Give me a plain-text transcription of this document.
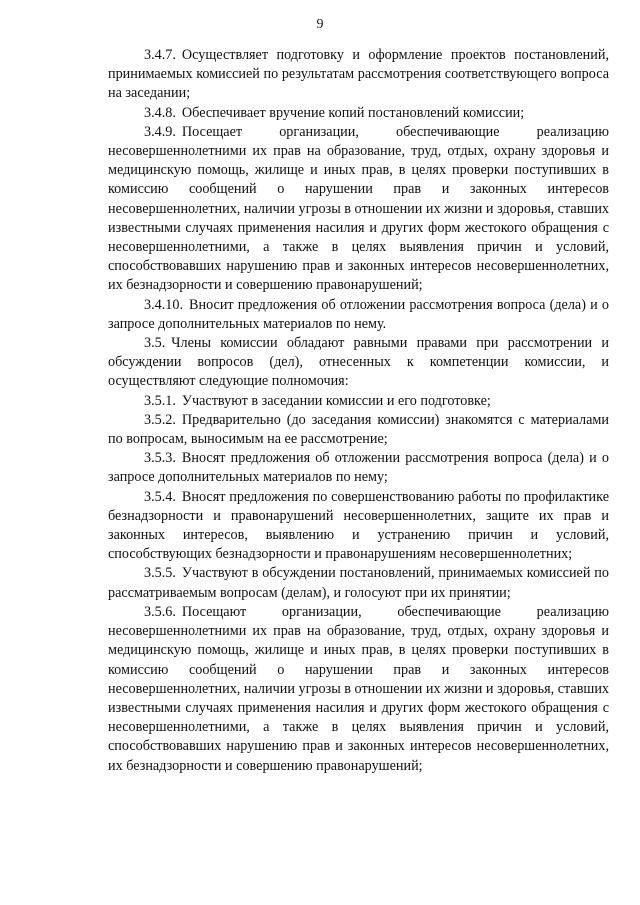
9

3.4.7. Осуществляет подготовку и оформление проектов постановлений, принимаемых комиссией по результатам рассмотрения соответствующего вопроса на заседании;

3.4.8. Обеспечивает вручение копий постановлений комиссии;

3.4.9. Посещает организации, обеспечивающие реализацию несовершеннолетними их прав на образование, труд, отдых, охрану здоровья и медицинскую помощь, жилище и иных прав, в целях проверки поступивших в комиссию сообщений о нарушении прав и законных интересов несовершеннолетних, наличии угрозы в отношении их жизни и здоровья, ставших известными случаях применения насилия и других форм жестокого обращения с несовершеннолетними, а также в целях выявления причин и условий, способствовавших нарушению прав и законных интересов несовершеннолетних, их безнадзорности и совершению правонарушений;

3.4.10. Вносит предложения об отложении рассмотрения вопроса (дела) и о запросе дополнительных материалов по нему.

3.5. Члены комиссии обладают равными правами при рассмотрении и обсуждении вопросов (дел), отнесенных к компетенции комиссии, и осуществляют следующие полномочия:

3.5.1. Участвуют в заседании комиссии и его подготовке;

3.5.2. Предварительно (до заседания комиссии) знакомятся с материалами по вопросам, выносимым на ее рассмотрение;

3.5.3. Вносят предложения об отложении рассмотрения вопроса (дела) и о запросе дополнительных материалов по нему;

3.5.4. Вносят предложения по совершенствованию работы по профилактике безнадзорности и правонарушений несовершеннолетних, защите их прав и законных интересов, выявлению и устранению причин и условий, способствующих безнадзорности и правонарушениям несовершеннолетних;

3.5.5. Участвуют в обсуждении постановлений, принимаемых комиссией по рассматриваемым вопросам (делам), и голосуют при их принятии;

3.5.6. Посещают организации, обеспечивающие реализацию несовершеннолетними их прав на образование, труд, отдых, охрану здоровья и медицинскую помощь, жилище и иных прав, в целях проверки поступивших в комиссию сообщений о нарушении прав и законных интересов несовершеннолетних, наличии угрозы в отношении их жизни и здоровья, ставших известными случаях применения насилия и других форм жестокого обращения с несовершеннолетними, а также в целях выявления причин и условий, способствовавших нарушению прав и законных интересов несовершеннолетних, их безнадзорности и совершению правонарушений;
